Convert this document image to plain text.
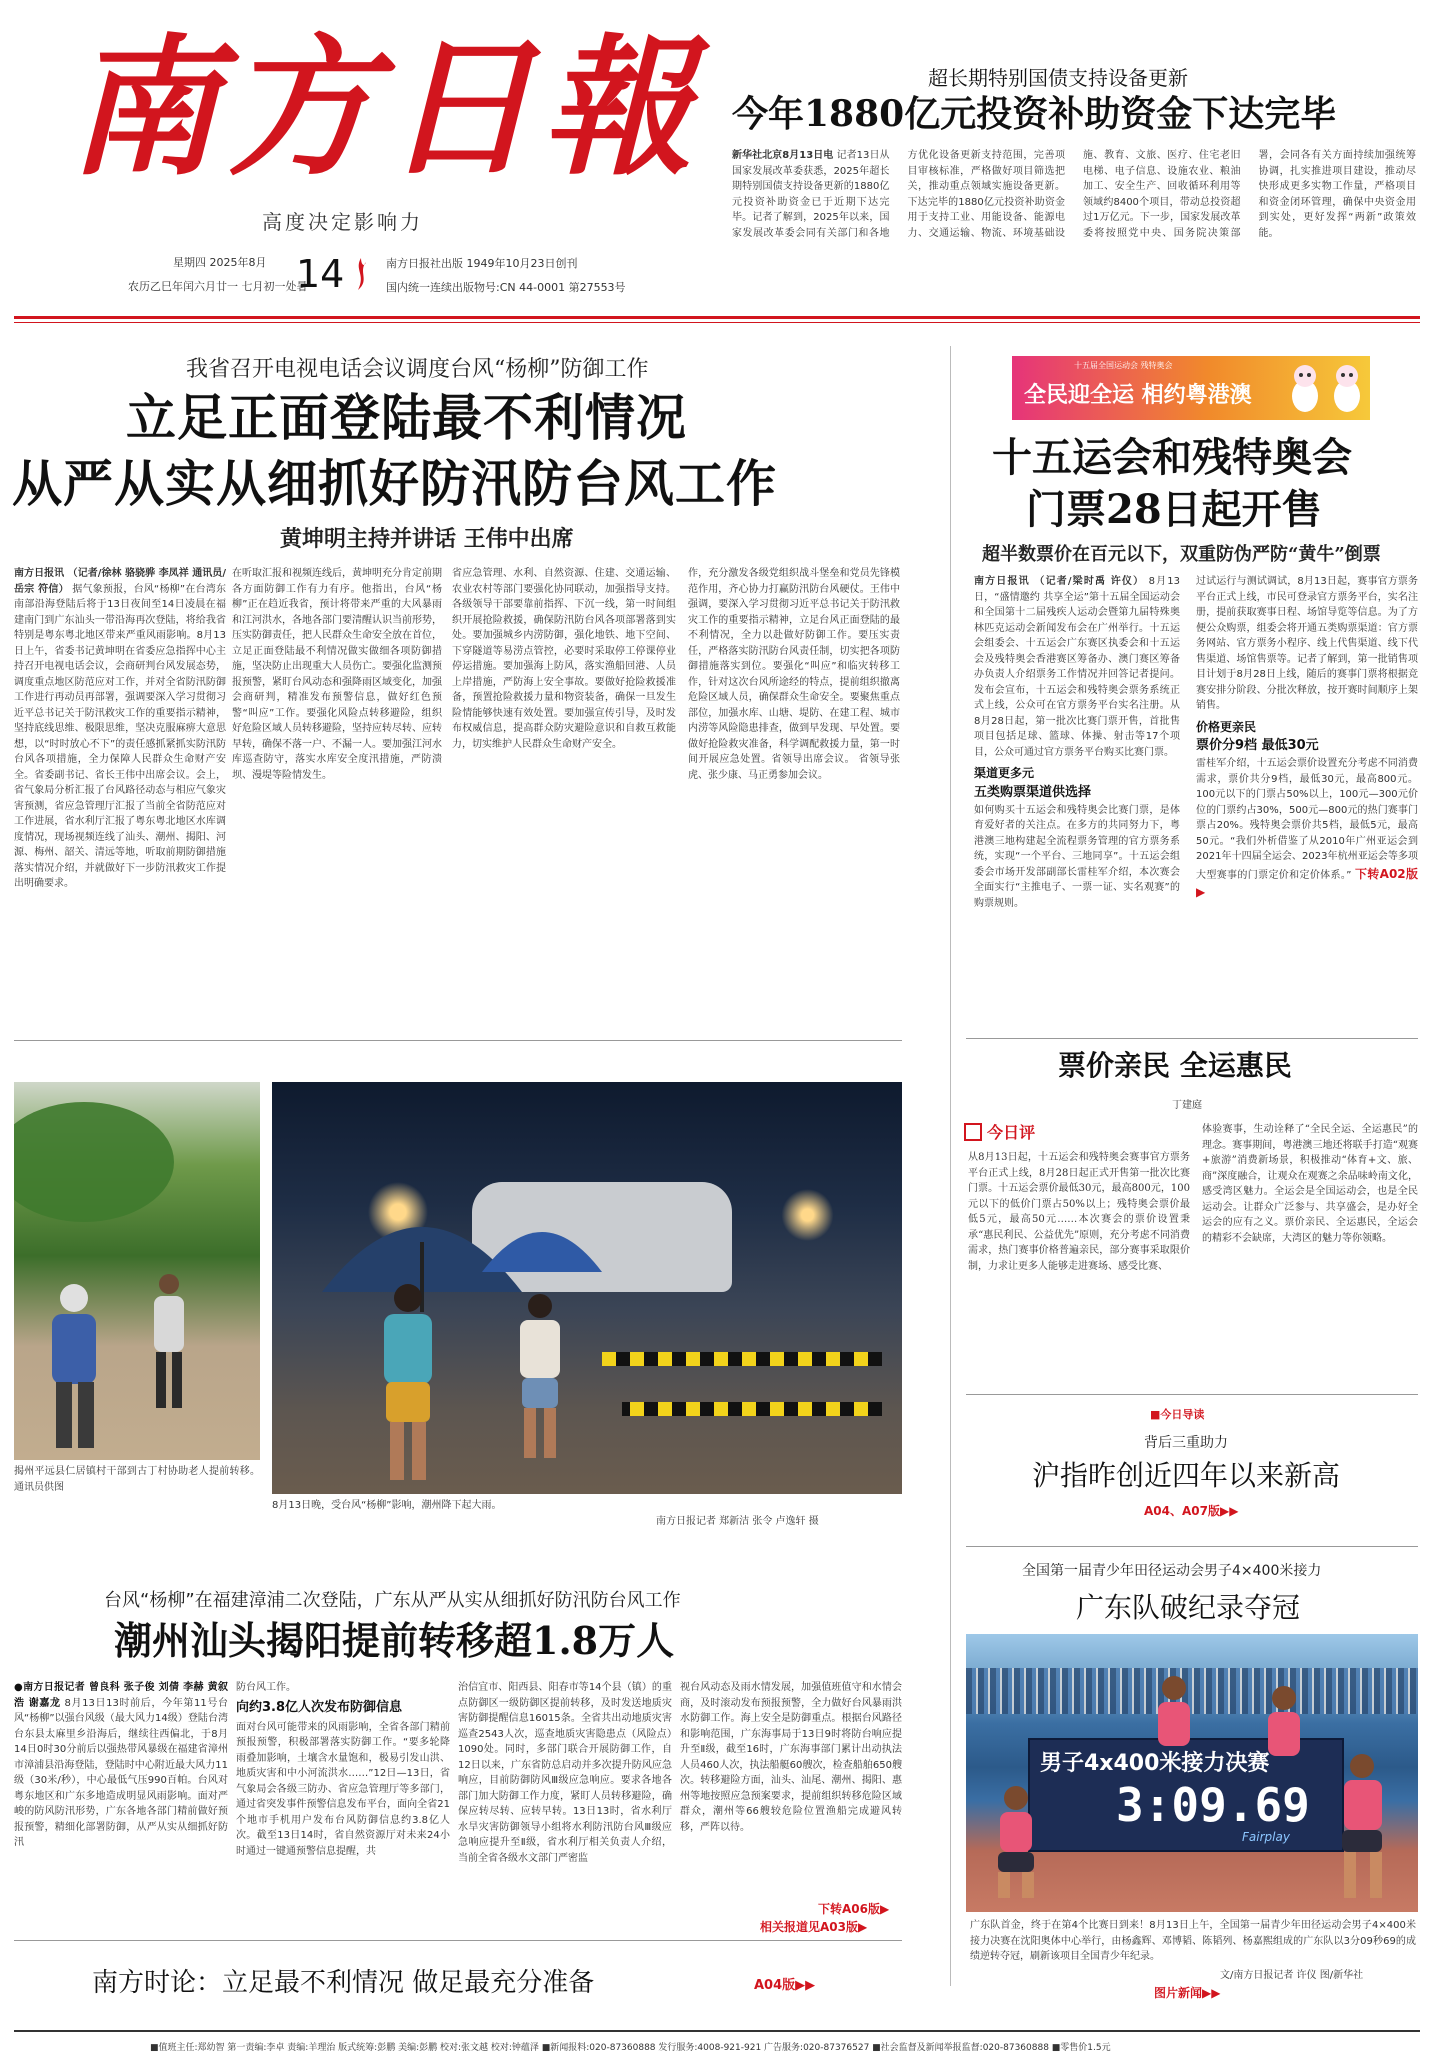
南方日報
高度决定影响力
星期四 2025年8月
农历乙巳年闰六月廿一 七月初一处暑
14	南方日报社出版 1949年10月23日创刊
国内统一连续出版物号:CN 44-0001 第27553号
超长期特别国债支持设备更新
今年1880亿元投资补助资金下达完毕
新华社北京8月13日电 记者13日从国家发展改革委获悉，2025年超长期特别国债支持设备更新的1880亿元投资补助资金已于近期下达完毕。记者了解到，2025年以来，国家发展改革委会同有关部门和各地方优化设备更新支持范围，完善项目审核标准，严格做好项目筛选把关，推动重点领域实施设备更新。下达完毕的1880亿元投资补助资金用于支持工业、用能设备、能源电力、交通运输、物流、环境基础设施、教育、文旅、医疗、住宅老旧电梯、电子信息、设施农业、粮油加工、安全生产、回收循环利用等领域约8400个项目，带动总投资超过1万亿元。下一步，国家发展改革委将按照党中央、国务院决策部署，会同各有关方面持续加强统筹协调，扎实推进项目建设，推动尽快形成更多实物工作量，严格项目和资金闭环管理，确保中央资金用到实处，更好发挥“两新”政策效能。
我省召开电视电话会议调度台风“杨柳”防御工作
立足正面登陆最不利情况
从严从实从细抓好防汛防台风工作
黄坤明主持并讲话 王伟中出席
南方日报讯 （记者/徐林 骆骁骅 李凤祥 通讯员/岳宗 符信） 据气象预报，台风“杨柳”在台湾东南部沿海登陆后将于13日夜间至14日凌晨在福建南门到广东汕头一带沿海再次登陆，将给我省特别是粤东粤北地区带来严重风雨影响。8月13日上午，省委书记黄坤明在省委应急指挥中心主持召开电视电话会议，会商研判台风发展态势，调度重点地区防范应对工作，并对全省防汛防御工作进行再动员再部署，强调要深入学习贯彻习近平总书记关于防汛救灾工作的重要指示精神，坚持底线思维、极限思维，坚决克服麻痹大意思想，以“时时放心不下”的责任感抓紧抓实防汛防台风各项措施，全力保障人民群众生命财产安全。省委副书记、省长王伟中出席会议。会上，省气象局分析汇报了台风路径动态与相应气象灾害预测，省应急管理厅汇报了当前全省防范应对工作进展，省水利厅汇报了粤东粤北地区水库调度情况，现场视频连线了汕头、潮州、揭阳、河源、梅州、韶关、清远等地，听取前期防御措施落实情况介绍，并就做好下一步防汛救灾工作提出明确要求。
在听取汇报和视频连线后，黄坤明充分肯定前期各方面防御工作有力有序。他指出，台风“杨柳”正在趋近我省，预计将带来严重的大风暴雨和江河洪水，各地各部门要清醒认识当前形势，压实防御责任，把人民群众生命安全放在首位，立足正面登陆最不利情况做实做细各项防御措施，坚决防止出现重大人员伤亡。要强化监测预报预警，紧盯台风动态和强降雨区域变化，加强会商研判，精准发布预警信息，做好红色预警“叫应”工作。要强化风险点转移避险，组织好危险区域人员转移避险，坚持应转尽转、应转早转，确保不落一户、不漏一人。要加强江河水库巡查防守，落实水库安全度汛措施，严防溃坝、漫堤等险情发生。
省应急管理、水利、自然资源、住建、交通运输、农业农村等部门要强化协同联动，加强指导支持。各级领导干部要靠前指挥、下沉一线，第一时间组织开展抢险救援，确保防汛防台风各项部署落到实处。要加强城乡内涝防御，强化地铁、地下空间、下穿隧道等易涝点管控，必要时采取停工停课停业停运措施。要加强海上防风，落实渔船回港、人员上岸措施，严防海上安全事故。要做好抢险救援准备，预置抢险救援力量和物资装备，确保一旦发生险情能够快速有效处置。要加强宣传引导，及时发布权威信息，提高群众防灾避险意识和自救互救能力，切实维护人民群众生命财产安全。
作，充分激发各级党组织战斗堡垒和党员先锋模范作用，齐心协力打赢防汛防台风硬仗。王伟中强调，要深入学习贯彻习近平总书记关于防汛救灾工作的重要指示精神，立足台风正面登陆的最不利情况，全力以赴做好防御工作。要压实责任，严格落实防汛防台风责任制，切实把各项防御措施落实到位。要强化“叫应”和临灾转移工作，针对这次台风所途经的特点，提前组织撤离危险区域人员，确保群众生命安全。要聚焦重点部位，加强水库、山塘、堤防、在建工程、城市内涝等风险隐患排查，做到早发现、早处置。要做好抢险救灾准备，科学调配救援力量，第一时间开展应急处置。省领导出席会议。 省领导张虎、张少康、马正勇参加会议。
十五届全国运动会 残特奥会
全民迎全运 相约粤港澳
十五运会和残特奥会
门票28日起开售
超半数票价在百元以下，双重防伪严防“黄牛”倒票
南方日报讯 （记者/梁时禹 许仪） 8月13日，“盛情邀约 共享全运”第十五届全国运动会和全国第十二届残疾人运动会暨第九届特殊奥林匹克运动会新闻发布会在广州举行。十五运会组委会、十五运会广东赛区执委会和十五运会及残特奥会香港赛区筹备办、澳门赛区筹备办负责人介绍票务工作情况并回答记者提问。发布会宣布，十五运会和残特奥会票务系统正式上线，公众可在官方票务平台实名注册。从8月28日起，第一批次比赛门票开售，首批售项目包括足球、篮球、体操、射击等17个项目，公众可通过官方票务平台购买比赛门票。
渠道更多元
五类购票渠道供选择
如何购买十五运会和残特奥会比赛门票，是体育爱好者的关注点。在多方的共同努力下，粤港澳三地构建起全流程票务管理的官方票务系统，实现“一个平台、三地同享”。十五运会组委会市场开发部副部长雷桂军介绍，本次赛会全面实行“主推电子、一票一证、实名观赛”的购票规则。
过试运行与测试调试，8月13日起，赛事官方票务平台正式上线，市民可登录官方票务平台，实名注册，提前获取赛事日程、场馆导览等信息。为了方便公众购票，组委会将开通五类购票渠道：官方票务网站、官方票务小程序、线上代售渠道、线下代售渠道、场馆售票等。记者了解到，第一批销售项目计划于8月28日上线，随后的赛事门票将根据竞赛安排分阶段、分批次释放，按开赛时间顺序上架销售。
价格更亲民
票价分9档 最低30元
雷桂军介绍，十五运会票价设置充分考虑不同消费需求，票价共分9档，最低30元，最高800元。100元以下的门票占50%以上，100元—300元价位的门票约占30%，500元—800元的热门赛事门票占20%。残特奥会票价共5档，最低5元，最高50元。“我们外析借鉴了从2010年广州亚运会到2021年十四届全运会、2023年杭州亚运会等多项大型赛事的门票定价和定价体系。” 下转A02版▶
票价亲民 全运惠民
丁建庭
今日评
从8月13日起，十五运会和残特奥会赛事官方票务平台正式上线，8月28日起正式开售第一批次比赛门票。十五运会票价最低30元，最高800元，100元以下的低价门票占50%以上；残特奥会票价最低5元，最高50元……本次赛会的票价设置秉承“惠民利民、公益优先”原则，充分考虑不同消费需求，热门赛事价格普遍亲民，部分赛事采取限价制，力求让更多人能够走进赛场、感受比赛、
体验赛事，生动诠释了“全民全运、全运惠民”的理念。赛事期间，粤港澳三地还将联手打造“观赛+旅游”消费新场景，积极推动“体育+文、旅、商”深度融合，让观众在观赛之余品味岭南文化，感受湾区魅力。全运会是全国运动会，也是全民运动会。让群众广泛参与、共享盛会，是办好全运会的应有之义。票价亲民、全运惠民，全运会的精彩不会缺席，大湾区的魅力等你领略。
■今日导读
背后三重助力
沪指昨创近四年以来新高
A04、A07版▶▶
全国第一届青少年田径运动会男子4×400米接力
广东队破纪录夺冠
男子4x400米接力决赛
3:09.69
Fairplay
广东队首金，终于在第4个比赛日到来！8月13日上午，全国第一届青少年田径运动会男子4×400米接力决赛在沈阳奥体中心举行，由杨鑫辉、邓博韬、陈韬列、杨嘉熙组成的广东队以3分09秒69的成绩逆转夺冠，刷新该项目全国青少年纪录。
文/南方日报记者 许仪 图/新华社
图片新闻▶▶
揭州平远县仁居镇村干部到古丁村协助老人提前转移。 通讯员供图
8月13日晚，受台风“杨柳”影响，潮州降下起大雨。
南方日报记者 郑新洁 张令 卢逸轩 摄
台风“杨柳”在福建漳浦二次登陆，广东从严从实从细抓好防汛防台风工作
潮州汕头揭阳提前转移超1.8万人
●南方日报记者 曾良科 张子俊 刘倩 李赫 黄叙浩 谢嘉龙 8月13日13时前后，今年第11号台风“杨柳”以强台风级（最大风力14级）登陆台湾台东县太麻里乡沿海后，继续往西偏北，于8月14日0时30分前后以强热带风暴级在福建省漳州市漳浦县沿海登陆，登陆时中心附近最大风力11级（30米/秒），中心最低气压990百帕。台风对粤东地区和广东多地造成明显风雨影响。面对严峻的防风防汛形势，广东各地各部门精前做好预报预警，精细化部署防御，从严从实从细抓好防汛
防台风工作。
向约3.8亿人次发布防御信息
面对台风可能带来的风雨影响，全省各部门精前预报预警，积极部署落实防御工作。“要多轮降雨叠加影响，土壤含水量饱和，极易引发山洪、地质灾害和中小河流洪水……”12日—13日，省气象局会各级三防办、省应急管理厅等多部门，通过省突发事件预警信息发布平台，面向全省21个地市手机用户发布台风防御信息约3.8亿人次。截至13日14时，省自然资源厅对未来24小时通过一键通预警信息提醒，共
治信宜市、阳西县、阳春市等14个县（镇）的重点防御区一级防御区提前转移，及时发送地质灾害防御提醒信息16015条。全省共出动地质灾害巡查2543人次，巡查地质灾害隐患点（风险点）1090处。同时，多部门联合开展防御工作，自12日以来，广东省防总启动并多次提升防风应急响应，目前防御防风Ⅲ级应急响应。要求各地各部门加大防御工作力度，紧盯人员转移避险，确保应转尽转、应转早转。13日13时，省水利厅水旱灾害防御领导小组将水利防汛防台风Ⅲ级应急响应提升至Ⅱ级，省水利厅相关负责人介绍，当前全省各级水文部门严密监
视台风动态及雨水情发展，加强值班值守和水情会商，及时滚动发布预报预警，全力做好台风暴雨洪水防御工作。海上安全是防御重点。根据台风路径和影响范围，广东海事局于13日9时将防台响应提升至Ⅱ级，截至16时，广东海事部门累计出动执法人员460人次，执法船艇60艘次，检查船舶650艘次。转移避险方面，汕头、汕尾、潮州、揭阳、惠州等地按照应急预案要求，提前组织转移危险区域群众，潮州等66艘较危险位置渔船完成避风转移，严阵以待。
下转A06版▶
相关报道见A03版▶
南方时论：立足最不利情况 做足最充分准备	A04版▶▶
■值班主任:郑幼智 第一责编:李卓 责编:羊理治 版式统筹:彭鹏 美编:彭鹏 校对:张文越 校对:钟蕴泽 ■新闻报料:020-87360888 发行服务:4008-921-921 广告服务:020-87376527 ■社会监督及新闻举报监督:020-87360888 ■零售价1.5元
